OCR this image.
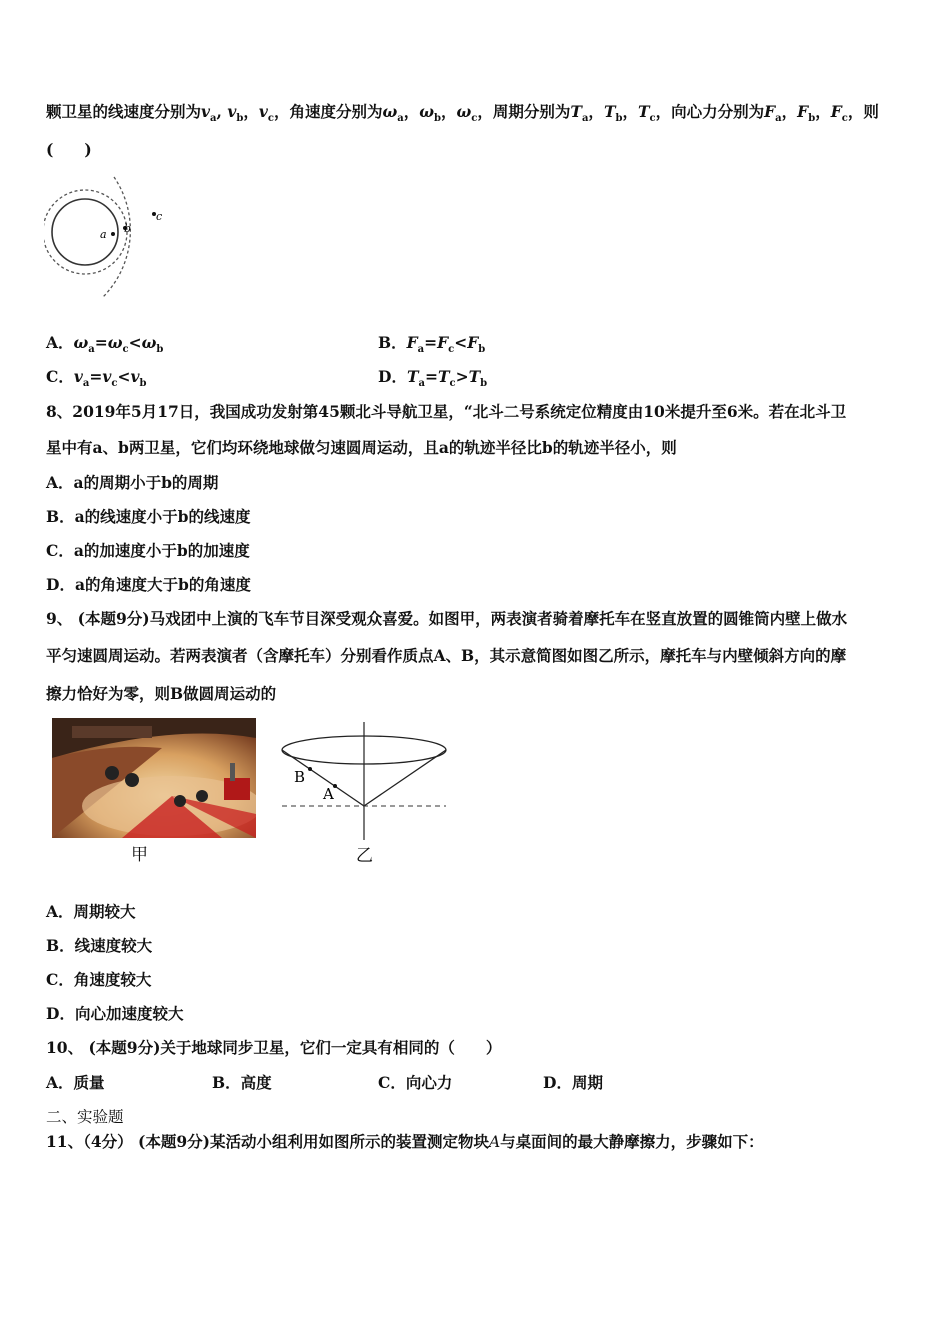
颗卫星的线速度分别为$v_a$, $v_b$，$v_c$，角速度分别为$\omega_a$，$\omega_b$，$\omega_c$，周期分别为$T_a$，$T_b$，$T_c$，向心力分别为$F_a$，$F_b$，$F_c$，则
(　　)
a b
c
A．$\omega_a=\omega_c<\omega_b$	B．$F_a=F_c<F_b$
C．$v_a=v_c<v_b$	D．$T_a=T_c>T_b$
8、2019年5月17日，我国成功发射第45颗北斗导航卫星，“北斗二号系统定位精度由10米提升至6米。若在北斗卫
星中有a、b两卫星，它们均环绕地球做匀速圆周运动，且a的轨迹半径比b的轨迹半径小，则
A．a的周期小于b的周期
B．a的线速度小于b的线速度
C．a的加速度小于b的加速度
D．a的角速度大于b的角速度
9、 (本题9分)马戏团中上演的飞车节目深受观众喜爱。如图甲，两表演者骑着摩托车在竖直放置的圆锥筒内壁上做水
平匀速圆周运动。若两表演者（含摩托车）分别看作质点A、B，其示意简图如图乙所示，摩托车与内壁倾斜方向的摩
擦力恰好为零，则B做圆周运动的
甲
B
A
乙
A．周期较大
B．线速度较大
C．角速度较大
D．向心加速度较大
10、 (本题9分)关于地球同步卫星，它们一定具有相同的（　　）
A．质量	B．高度	C．向心力	D．周期
二、实验题
11、（4分） (本题9分)某活动小组利用如图所示的装置测定物块A与桌面间的最大静摩擦力，步骤如下：
